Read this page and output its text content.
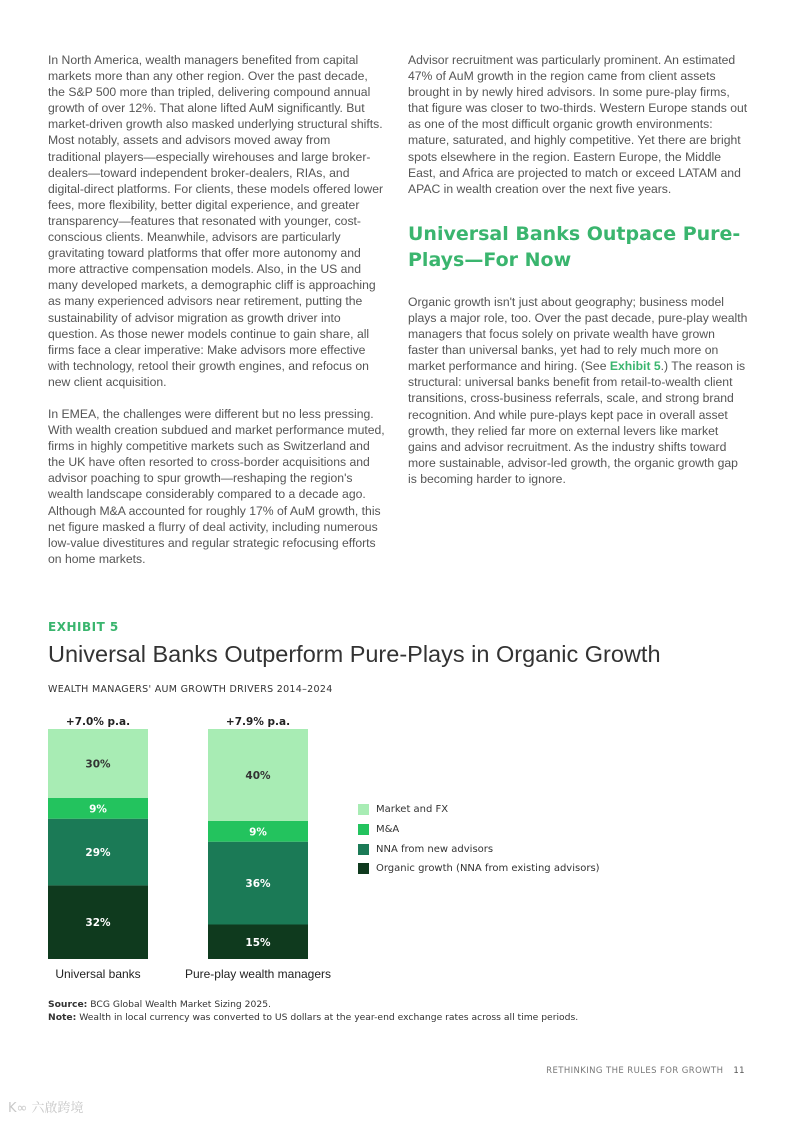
In North America, wealth managers benefited from capital markets more than any other region. Over the past decade, the S&P 500 more than tripled, delivering compound annual growth of over 12%. That alone lifted AuM significantly. But market-driven growth also masked underlying structural shifts. Most notably, assets and advisors moved away from traditional players—especially wirehouses and large broker-dealers—toward independent broker-dealers, RIAs, and digital-direct platforms. For clients, these models offered lower fees, more flexibility, better digital experience, and greater transparency—features that resonated with younger, cost-conscious clients. Meanwhile, advisors are particularly gravitating toward platforms that offer more autonomy and more attractive compensation models. Also, in the US and many developed markets, a demographic cliff is approaching as many experienced advisors near retirement, putting the sustainability of advisor migration as growth driver into question. As those newer models continue to gain share, all firms face a clear imperative: Make advisors more effective with technology, retool their growth engines, and refocus on new client acquisition.

In EMEA, the challenges were different but no less pressing. With wealth creation subdued and market performance muted, firms in highly competitive markets such as Switzerland and the UK have often resorted to cross-border acquisitions and advisor poaching to spur growth—reshaping the region's wealth landscape considerably compared to a decade ago. Although M&A accounted for roughly 17% of AuM growth, this net figure masked a flurry of deal activity, including numerous low-value divestitures and regular strategic refocusing efforts on home markets.

Advisor recruitment was particularly prominent. An estimated 47% of AuM growth in the region came from client assets brought in by newly hired advisors. In some pure-play firms, that figure was closer to two-thirds. Western Europe stands out as one of the most difficult organic growth environments: mature, saturated, and highly competitive. Yet there are bright spots elsewhere in the region. Eastern Europe, the Middle East, and Africa are projected to match or exceed LATAM and APAC in wealth creation over the next five years.

Universal Banks Outpace Pure-Plays—For Now

Organic growth isn't just about geography; business model plays a major role, too. Over the past decade, pure-play wealth managers that focus solely on private wealth have grown faster than universal banks, yet had to rely much more on market performance and hiring. (See Exhibit 5.) The reason is structural: universal banks benefit from retail-to-wealth client transitions, cross-business referrals, scale, and strong brand recognition. And while pure-plays kept pace in overall asset growth, they relied far more on external levers like market gains and advisor recruitment. As the industry shifts toward more sustainable, advisor-led growth, the organic growth gap is becoming harder to ignore.

EXHIBIT 5
Universal Banks Outperform Pure-Plays in Organic Growth
WEALTH MANAGERS' AUM GROWTH DRIVERS 2014–2024
32%
29%
9%
30%
+7.0% p.a.
Universal banks
15%
36%
9%
40%
+7.9% p.a.
Pure-play wealth managers
Market and FX
M&A
NNA from new advisors
Organic growth (NNA from existing advisors)
Source: BCG Global Wealth Market Sizing 2025.
Note: Wealth in local currency was converted to US dollars at the year-end exchange rates across all time periods.
RETHINKING THE RULES FOR GROWTH 11
K∞ 六啟跨境
